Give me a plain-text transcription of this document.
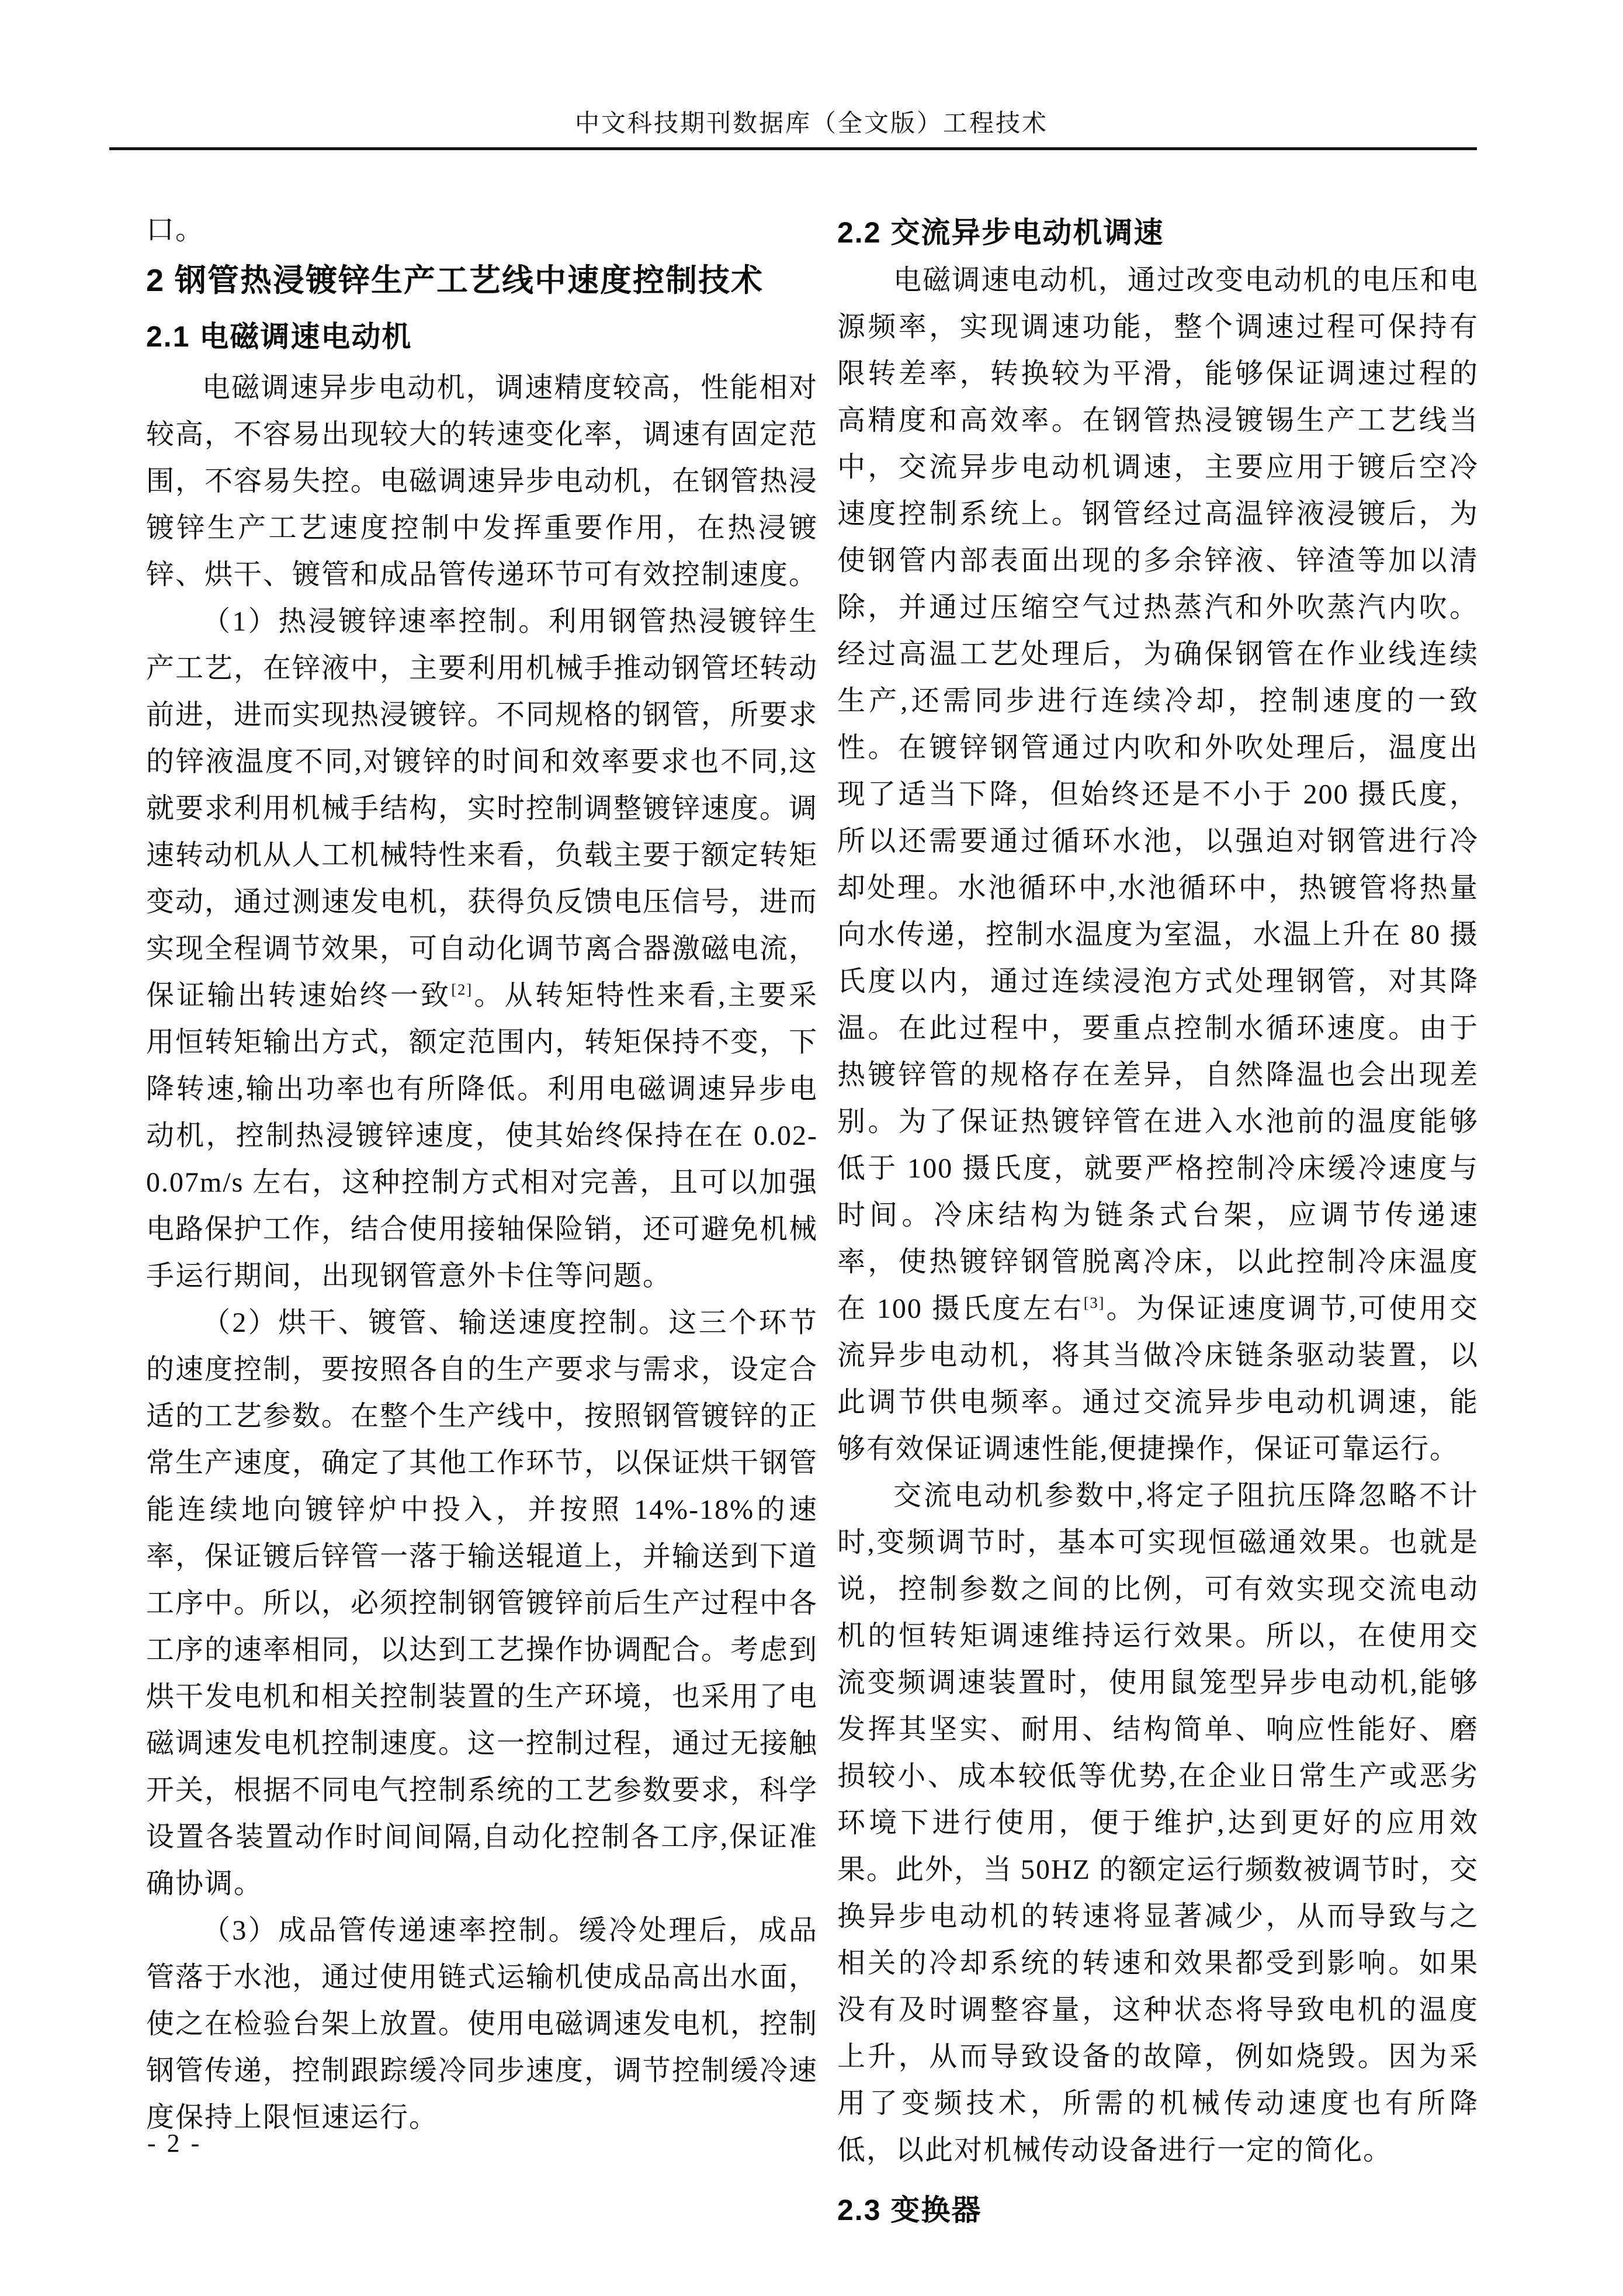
中文科技期刊数据库（全文版）工程技术

口。

2 钢管热浸镀锌生产工艺线中速度控制技术

2.1 电磁调速电动机

电磁调速异步电动机，调速精度较高，性能相对较高，不容易出现较大的转速变化率，调速有固定范围，不容易失控。电磁调速异步电动机，在钢管热浸镀锌生产工艺速度控制中发挥重要作用，在热浸镀锌、烘干、镀管和成品管传递环节可有效控制速度。

（1）热浸镀锌速率控制。利用钢管热浸镀锌生产工艺，在锌液中，主要利用机械手推动钢管坯转动前进，进而实现热浸镀锌。不同规格的钢管，所要求的锌液温度不同,对镀锌的时间和效率要求也不同,这就要求利用机械手结构，实时控制调整镀锌速度。调速转动机从人工机械特性来看，负载主要于额定转矩变动，通过测速发电机，获得负反馈电压信号，进而实现全程调节效果，可自动化调节离合器激磁电流，保证输出转速始终一致[2]。从转矩特性来看,主要采用恒转矩输出方式，额定范围内，转矩保持不变，下降转速,输出功率也有所降低。利用电磁调速异步电动机，控制热浸镀锌速度，使其始终保持在在 0.02-0.07m/s 左右，这种控制方式相对完善，且可以加强电路保护工作，结合使用接轴保险销，还可避免机械手运行期间，出现钢管意外卡住等问题。

（2）烘干、镀管、输送速度控制。这三个环节的速度控制，要按照各自的生产要求与需求，设定合适的工艺参数。在整个生产线中，按照钢管镀锌的正常生产速度，确定了其他工作环节，以保证烘干钢管能连续地向镀锌炉中投入，并按照 14%-18%的速率，保证镀后锌管一落于输送辊道上，并输送到下道工序中。所以，必须控制钢管镀锌前后生产过程中各工序的速率相同，以达到工艺操作协调配合。考虑到烘干发电机和相关控制装置的生产环境，也采用了电磁调速发电机控制速度。这一控制过程，通过无接触开关，根据不同电气控制系统的工艺参数要求，科学设置各装置动作时间间隔,自动化控制各工序,保证准确协调。

（3）成品管传递速率控制。缓冷处理后，成品管落于水池，通过使用链式运输机使成品高出水面，使之在检验台架上放置。使用电磁调速发电机，控制钢管传递，控制跟踪缓冷同步速度，调节控制缓冷速度保持上限恒速运行。

2.2 交流异步电动机调速

电磁调速电动机，通过改变电动机的电压和电源频率，实现调速功能，整个调速过程可保持有限转差率，转换较为平滑，能够保证调速过程的高精度和高效率。在钢管热浸镀锡生产工艺线当中，交流异步电动机调速，主要应用于镀后空冷速度控制系统上。钢管经过高温锌液浸镀后，为使钢管内部表面出现的多余锌液、锌渣等加以清除，并通过压缩空气过热蒸汽和外吹蒸汽内吹。经过高温工艺处理后，为确保钢管在作业线连续生产,还需同步进行连续冷却，控制速度的一致性。在镀锌钢管通过内吹和外吹处理后，温度出现了适当下降，但始终还是不小于 200 摄氏度，所以还需要通过循环水池，以强迫对钢管进行冷却处理。水池循环中,水池循环中，热镀管将热量向水传递，控制水温度为室温，水温上升在 80 摄氏度以内，通过连续浸泡方式处理钢管，对其降温。在此过程中，要重点控制水循环速度。由于热镀锌管的规格存在差异，自然降温也会出现差别。为了保证热镀锌管在进入水池前的温度能够低于 100 摄氏度，就要严格控制冷床缓冷速度与时间。冷床结构为链条式台架，应调节传递速率，使热镀锌钢管脱离冷床，以此控制冷床温度在 100 摄氏度左右[3]。为保证速度调节,可使用交流异步电动机，将其当做冷床链条驱动装置，以此调节供电频率。通过交流异步电动机调速，能够有效保证调速性能,便捷操作，保证可靠运行。

交流电动机参数中,将定子阻抗压降忽略不计时,变频调节时，基本可实现恒磁通效果。也就是说，控制参数之间的比例，可有效实现交流电动机的恒转矩调速维持运行效果。所以，在使用交流变频调速装置时，使用鼠笼型异步电动机,能够发挥其坚实、耐用、结构简单、响应性能好、磨损较小、成本较低等优势,在企业日常生产或恶劣环境下进行使用，便于维护,达到更好的应用效果。此外，当 50HZ 的额定运行频数被调节时，交换异步电动机的转速将显著减少，从而导致与之相关的冷却系统的转速和效果都受到影响。如果没有及时调整容量，这种状态将导致电机的温度上升，从而导致设备的故障，例如烧毁。因为采用了变频技术，所需的机械传动速度也有所降低，以此对机械传动设备进行一定的简化。

2.3 变换器

- 2 -
